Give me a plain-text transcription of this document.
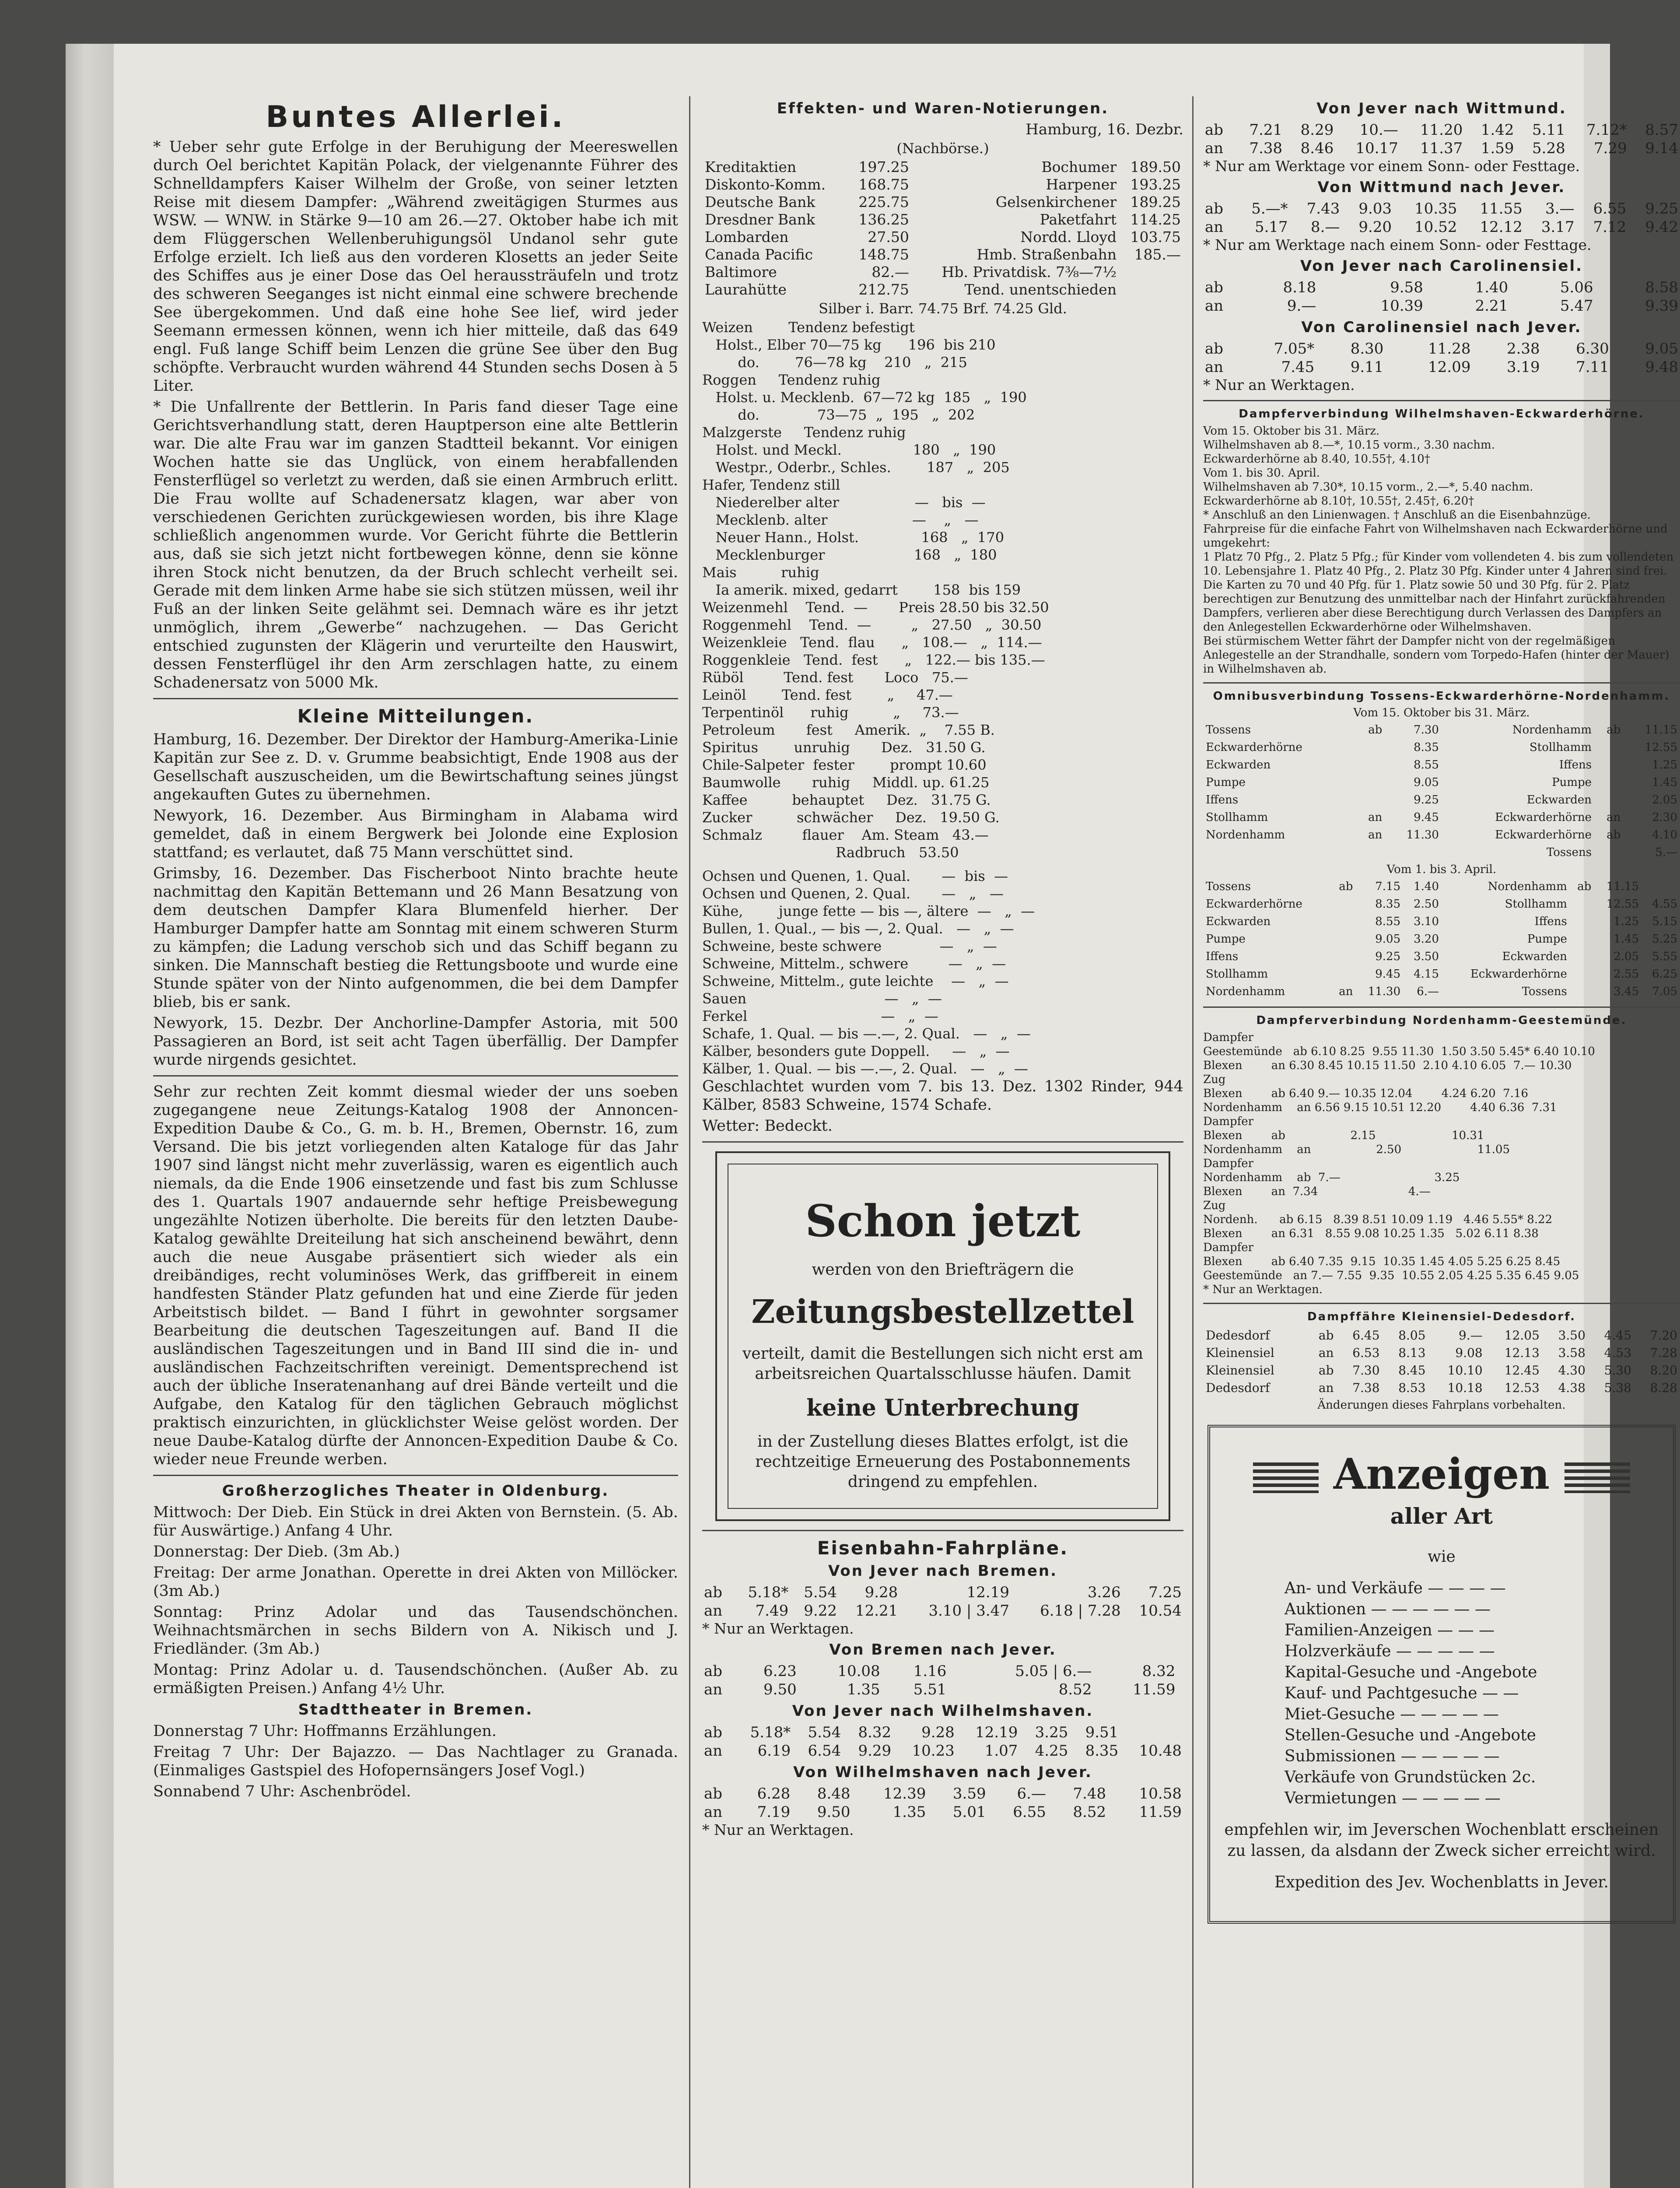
Buntes Allerlei.

* Ueber sehr gute Erfolge in der Beruhigung der Meereswellen durch Oel berichtet Kapitän Polack, der vielgenannte Führer des Schnelldampfers Kaiser Wilhelm der Große, von seiner letzten Reise mit diesem Dampfer: „Während zweitägigen Sturmes aus WSW. — WNW. in Stärke 9—10 am 26.—27. Oktober habe ich mit dem Flüggerschen Wellenberuhigungsöl Undanol sehr gute Erfolge erzielt. Ich ließ aus den vorderen Klosetts an jeder Seite des Schiffes aus je einer Dose das Oel heraussträufeln und trotz des schweren Seeganges ist nicht einmal eine schwere brechende See übergekommen. Und daß eine hohe See lief, wird jeder Seemann ermessen können, wenn ich hier mitteile, daß das 649 engl. Fuß lange Schiff beim Lenzen die grüne See über den Bug schöpfte. Verbraucht wurden während 44 Stunden sechs Dosen à 5 Liter.

* Die Unfallrente der Bettlerin. In Paris fand dieser Tage eine Gerichtsverhandlung statt, deren Hauptperson eine alte Bettlerin war. Die alte Frau war im ganzen Stadtteil bekannt. Vor einigen Wochen hatte sie das Unglück, von einem herabfallenden Fensterflügel so verletzt zu werden, daß sie einen Armbruch erlitt. Die Frau wollte auf Schadenersatz klagen, war aber von verschiedenen Gerichten zurückgewiesen worden, bis ihre Klage schließlich angenommen wurde. Vor Gericht führte die Bettlerin aus, daß sie sich jetzt nicht fortbewegen könne, denn sie könne ihren Stock nicht benutzen, da der Bruch schlecht verheilt sei. Gerade mit dem linken Arme habe sie sich stützen müssen, weil ihr Fuß an der linken Seite gelähmt sei. Demnach wäre es ihr jetzt unmöglich, ihrem „Gewerbe“ nachzugehen. — Das Gericht entschied zugunsten der Klägerin und verurteilte den Hauswirt, dessen Fensterflügel ihr den Arm zerschlagen hatte, zu einem Schadenersatz von 5000 Mk.

Kleine Mitteilungen.

Hamburg, 16. Dezember. Der Direktor der Hamburg-Amerika-Linie Kapitän zur See z. D. v. Grumme beabsichtigt, Ende 1908 aus der Gesellschaft auszuscheiden, um die Bewirtschaftung seines jüngst angekauften Gutes zu übernehmen.

Newyork, 16. Dezember. Aus Birmingham in Alabama wird gemeldet, daß in einem Bergwerk bei Jolonde eine Explosion stattfand; es verlautet, daß 75 Mann verschüttet sind.

Grimsby, 16. Dezember. Das Fischerboot Ninto brachte heute nachmittag den Kapitän Bettemann und 26 Mann Besatzung von dem deutschen Dampfer Klara Blumenfeld hierher. Der Hamburger Dampfer hatte am Sonntag mit einem schweren Sturm zu kämpfen; die Ladung verschob sich und das Schiff begann zu sinken. Die Mannschaft bestieg die Rettungsboote und wurde eine Stunde später von der Ninto aufgenommen, die bei dem Dampfer blieb, bis er sank.

Newyork, 15. Dezbr. Der Anchorline-Dampfer Astoria, mit 500 Passagieren an Bord, ist seit acht Tagen überfällig. Der Dampfer wurde nirgends gesichtet.

Sehr zur rechten Zeit kommt diesmal wieder der uns soeben zugegangene neue Zeitungs-Katalog 1908 der Annoncen-Expedition Daube & Co., G. m. b. H., Bremen, Obernstr. 16, zum Versand. Die bis jetzt vorliegenden alten Kataloge für das Jahr 1907 sind längst nicht mehr zuverlässig, waren es eigentlich auch niemals, da die Ende 1906 einsetzende und fast bis zum Schlusse des 1. Quartals 1907 andauernde sehr heftige Preisbewegung ungezählte Notizen überholte. Die bereits für den letzten Daube-Katalog gewählte Dreiteilung hat sich anscheinend bewährt, denn auch die neue Ausgabe präsentiert sich wieder als ein dreibändiges, recht voluminöses Werk, das griffbereit in einem handfesten Ständer Platz gefunden hat und eine Zierde für jeden Arbeitstisch bildet. — Band I führt in gewohnter sorgsamer Bearbeitung die deutschen Tageszeitungen auf. Band II die ausländischen Tageszeitungen und in Band III sind die in- und ausländischen Fachzeitschriften vereinigt. Dementsprechend ist auch der übliche Inseratenanhang auf drei Bände verteilt und die Aufgabe, den Katalog für den täglichen Gebrauch möglichst praktisch einzurichten, in glücklichster Weise gelöst worden. Der neue Daube-Katalog dürfte der Annoncen-Expedition Daube & Co. wieder neue Freunde werben.

Großherzogliches Theater in Oldenburg.

Mittwoch: Der Dieb. Ein Stück in drei Akten von Bernstein. (5. Ab. für Auswärtige.) Anfang 4 Uhr.

Donnerstag: Der Dieb. (3m Ab.)

Freitag: Der arme Jonathan. Operette in drei Akten von Millöcker. (3m Ab.)

Sonntag: Prinz Adolar und das Tausendschönchen. Weihnachtsmärchen in sechs Bildern von A. Nikisch und J. Friedländer. (3m Ab.)

Montag: Prinz Adolar u. d. Tausendschönchen. (Außer Ab. zu ermäßigten Preisen.) Anfang 4½ Uhr.

Stadttheater in Bremen.

Donnerstag 7 Uhr: Hoffmanns Erzählungen.

Freitag 7 Uhr: Der Bajazzo. — Das Nachtlager zu Granada. (Einmaliges Gastspiel des Hofopernsängers Josef Vogl.)

Sonnabend 7 Uhr: Aschenbrödel.

Effekten- und Waren-Notierungen.
Hamburg, 16. Dezbr.
(Nachbörse.)
Kreditaktien	197.25	Bochumer	189.50
Diskonto-Komm.	168.75	Harpener	193.25
Deutsche Bank	225.75	Gelsenkirchener	189.25
Dresdner Bank	136.25	Paketfahrt	114.25
Lombarden	27.50	Nordd. Lloyd	103.75
Canada Pacific	148.75	Hmb. Straßenbahn	185.—
Baltimore	82.—	Hb. Privatdisk. 7⅜—7½	
Laurahütte	212.75	Tend. unentschieden	
Silber i. Barr. 74.75 Brf. 74.25 Gld.
Weizen        Tendenz befestigt
Holst., Elber 70—75 kg      196  bis 210
do.        76—78 kg    210   „  215
Roggen     Tendenz ruhig
Holst. u. Mecklenb.  67—72 kg  185   „  190
do.             73—75  „  195   „  202
Malzgerste     Tendenz ruhig
Holst. und Meckl.                180   „  190
Westpr., Oderbr., Schles.        187   „  205
Hafer, Tendenz still
Niederelber alter                 —   bis  —
Mecklenb. alter                   —    „   —
Neuer Hann., Holst.              168   „  170
Mecklenburger                    168   „  180
Mais          ruhig
Ia amerik. mixed, gedarrt        158  bis 159
Weizenmehl    Tend.  —       Preis 28.50 bis 32.50
Roggenmehl    Tend.  —         „   27.50   „  30.50
Weizenkleie   Tend.  flau      „   108.—   „  114.—
Roggenkleie   Tend.  fest      „   122.— bis 135.—
Rüböl         Tend. fest       Loco   75.—
Leinöl        Tend. fest        „     47.—
Terpentinöl      ruhig          „     73.—
Petroleum       fest     Amerik.  „    7.55 B.
Spiritus        unruhig       Dez.   31.50 G.
Chile-Salpeter  fester        prompt 10.60
Baumwolle       ruhig     Middl. up. 61.25
Kaffee          behauptet     Dez.   31.75 G.
Zucker          schwächer     Dez.   19.50 G.
Schmalz         flauer    Am. Steam   43.—
Radbruch   53.50
Ochsen und Quenen, 1. Qual.       —  bis  —
Ochsen und Quenen, 2. Qual.       —   „   —
Kühe,        junge fette — bis —, ältere  —   „  —
Bullen, 1. Qual., — bis —, 2. Qual.   —   „  —
Schweine, beste schwere             —   „  —
Schweine, Mittelm., schwere         —   „  —
Schweine, Mittelm., gute leichte    —   „  —
Sauen                               —   „  —
Ferkel                              —   „  —
Schafe, 1. Qual. — bis —.—, 2. Qual.   —   „  —
Kälber, besonders gute Doppell.     —   „  —
Kälber, 1. Qual. — bis —.—, 2. Qual.   —   „  —

Geschlachtet wurden vom 7. bis 13. Dez. 1302 Rinder, 944 Kälber, 8583 Schweine, 1574 Schafe.

Wetter: Bedeckt.

Schon jetzt
werden von den Briefträgern die
Zeitungsbestellzettel
verteilt, damit die Bestellungen sich nicht erst am arbeitsreichen Quartalsschlusse häufen. Damit
keine Unterbrechung
in der Zustellung dieses Blattes erfolgt, ist die rechtzeitige Erneuerung des Postabonnements dringend zu empfehlen.
Eisenbahn-Fahrpläne.
Von Jever nach Bremen.
ab	5.18*	5.54	9.28	12.19	3.26	7.25
an	7.49	9.22	12.21	3.10 | 3.47	6.18 | 7.28	10.54
* Nur an Werktagen.
Von Bremen nach Jever.
ab	6.23	10.08	1.16	5.05 | 6.—	8.32	
an	9.50	1.35	5.51	8.52	11.59	
Von Jever nach Wilhelmshaven.
ab	5.18*	5.54	8.32	9.28	12.19	3.25	9.51	
an	6.19	6.54	9.29	10.23	1.07	4.25	8.35	10.48
Von Wilhelmshaven nach Jever.
ab	6.28	8.48	12.39	3.59	6.—	7.48	10.58
an	7.19	9.50	1.35	5.01	6.55	8.52	11.59
* Nur an Werktagen.
Von Jever nach Wittmund.
ab	7.21	8.29	10.—	11.20	1.42	5.11	7.12*	8.57
an	7.38	8.46	10.17	11.37	1.59	5.28	7.29	9.14
* Nur am Werktage vor einem Sonn- oder Festtage.
Von Wittmund nach Jever.
ab	5.—*	7.43	9.03	10.35	11.55	3.—	6.55	9.25
an	5.17	8.—	9.20	10.52	12.12	3.17	7.12	9.42
* Nur am Werktage nach einem Sonn- oder Festtage.
Von Jever nach Carolinensiel.
ab	8.18	9.58	1.40	5.06	8.58
an	9.—	10.39	2.21	5.47	9.39
Von Carolinensiel nach Jever.
ab	7.05*	8.30	11.28	2.38	6.30	9.05
an	7.45	9.11	12.09	3.19	7.11	9.48
* Nur an Werktagen.
Dampferverbindung Wilhelmshaven-Eckwarderhörne.
Vom 15. Oktober bis 31. März.
Wilhelmshaven ab 8.—*, 10.15 vorm., 3.30 nachm.
Eckwarderhörne ab 8.40, 10.55†, 4.10†
Vom 1. bis 30. April.
Wilhelmshaven ab 7.30*, 10.15 vorm., 2.—*, 5.40 nachm.
Eckwarderhörne ab 8.10†, 10.55†, 2.45†, 6.20†
* Anschluß an den Linienwagen. † Anschluß an die Eisenbahnzüge.
Fahrpreise für die einfache Fahrt von Wilhelmshaven nach Eckwarderhörne und umgekehrt:
1 Platz 70 Pfg., 2. Platz 5 Pfg.; für Kinder vom vollendeten 4. bis zum vollendeten 10. Lebensjahre 1. Platz 40 Pfg., 2. Platz 30 Pfg. Kinder unter 4 Jahren sind frei. Die Karten zu 70 und 40 Pfg. für 1. Platz sowie 50 und 30 Pfg. für 2. Platz berechtigen zur Benutzung des unmittelbar nach der Hinfahrt zurückfahrenden Dampfers, verlieren aber diese Berechtigung durch Verlassen des Dampfers an den Anlegestellen Eckwarderhörne oder Wilhelmshaven.
Bei stürmischem Wetter fährt der Dampfer nicht von der regelmäßigen Anlegestelle an der Strandhalle, sondern vom Torpedo-Hafen (hinter der Mauer) in Wilhelmshaven ab.
Omnibusverbindung Tossens-Eckwarderhörne-Nordenhamm.
Vom 15. Oktober bis 31. März.
Tossens	ab	7.30	Nordenhamm	ab	11.15
Eckwarderhörne		8.35	Stollhamm		12.55
Eckwarden		8.55	Iffens		1.25
Pumpe		9.05	Pumpe		1.45
Iffens		9.25	Eckwarden		2.05
Stollhamm	an	9.45	Eckwarderhörne	an	2.30
Nordenhamm	an	11.30	Eckwarderhörne	ab	4.10
			Tossens		5.—
Vom 1. bis 3. April.
Tossens	ab	7.15	1.40	Nordenhamm	ab	11.15	
Eckwarderhörne		8.35	2.50	Stollhamm		12.55	4.55
Eckwarden		8.55	3.10	Iffens		1.25	5.15
Pumpe		9.05	3.20	Pumpe		1.45	5.25
Iffens		9.25	3.50	Eckwarden		2.05	5.55
Stollhamm		9.45	4.15	Eckwarderhörne		2.55	6.25
Nordenhamm	an	11.30	6.—	Tossens		3.45	7.05
Dampferverbindung Nordenhamm-Geestemünde.
Dampfer
Geestemünde   ab 6.10 8.25  9.55 11.30  1.50 3.50 5.45* 6.40 10.10
Blexen        an 6.30 8.45 10.15 11.50  2.10 4.10 6.05  7.— 10.30
Zug
Blexen        ab 6.40 9.— 10.35 12.04        4.24 6.20  7.16
Nordenhamm    an 6.56 9.15 10.51 12.20        4.40 6.36  7.31
Dampfer
Blexen        ab                  2.15                     10.31
Nordenhamm    an                  2.50                     11.05
Dampfer
Nordenhamm    ab  7.—                          3.25
Blexen        an  7.34                         4.—
Zug
Nordenh.      ab 6.15   8.39 8.51 10.09 1.19   4.46 5.55* 8.22
Blexen        an 6.31   8.55 9.08 10.25 1.35   5.02 6.11 8.38
Dampfer
Blexen        ab 6.40 7.35  9.15  10.35 1.45 4.05 5.25 6.25 8.45
Geestemünde   an 7.— 7.55  9.35  10.55 2.05 4.25 5.35 6.45 9.05
* Nur an Werktagen.
Dampffähre Kleinensiel-Dedesdorf.
Dedesdorf	ab	6.45	8.05	9.—	12.05	3.50	4.45	7.20
Kleinensiel	an	6.53	8.13	9.08	12.13	3.58	4.53	7.28
Kleinensiel	ab	7.30	8.45	10.10	12.45	4.30	5.30	8.20
Dedesdorf	an	7.38	8.53	10.18	12.53	4.38	5.38	8.28
Änderungen dieses Fahrplans vorbehalten.
Anzeigen
aller Art
wie
An- und Verkäufe — — — —
Auktionen — — — — — —
Familien-Anzeigen — — —
Holzverkäufe — — — — —
Kapital-Gesuche und -Angebote
Kauf- und Pachtgesuche — —
Miet-Gesuche — — — — —
Stellen-Gesuche und -Angebote
Submissionen — — — — —
Verkäufe von Grundstücken 2c.
Vermietungen — — — — —
empfehlen wir, im Jeverschen Wochenblatt erscheinen zu lassen, da alsdann der Zweck sicher erreicht wird.
Expedition des Jev. Wochenblatts in Jever.
